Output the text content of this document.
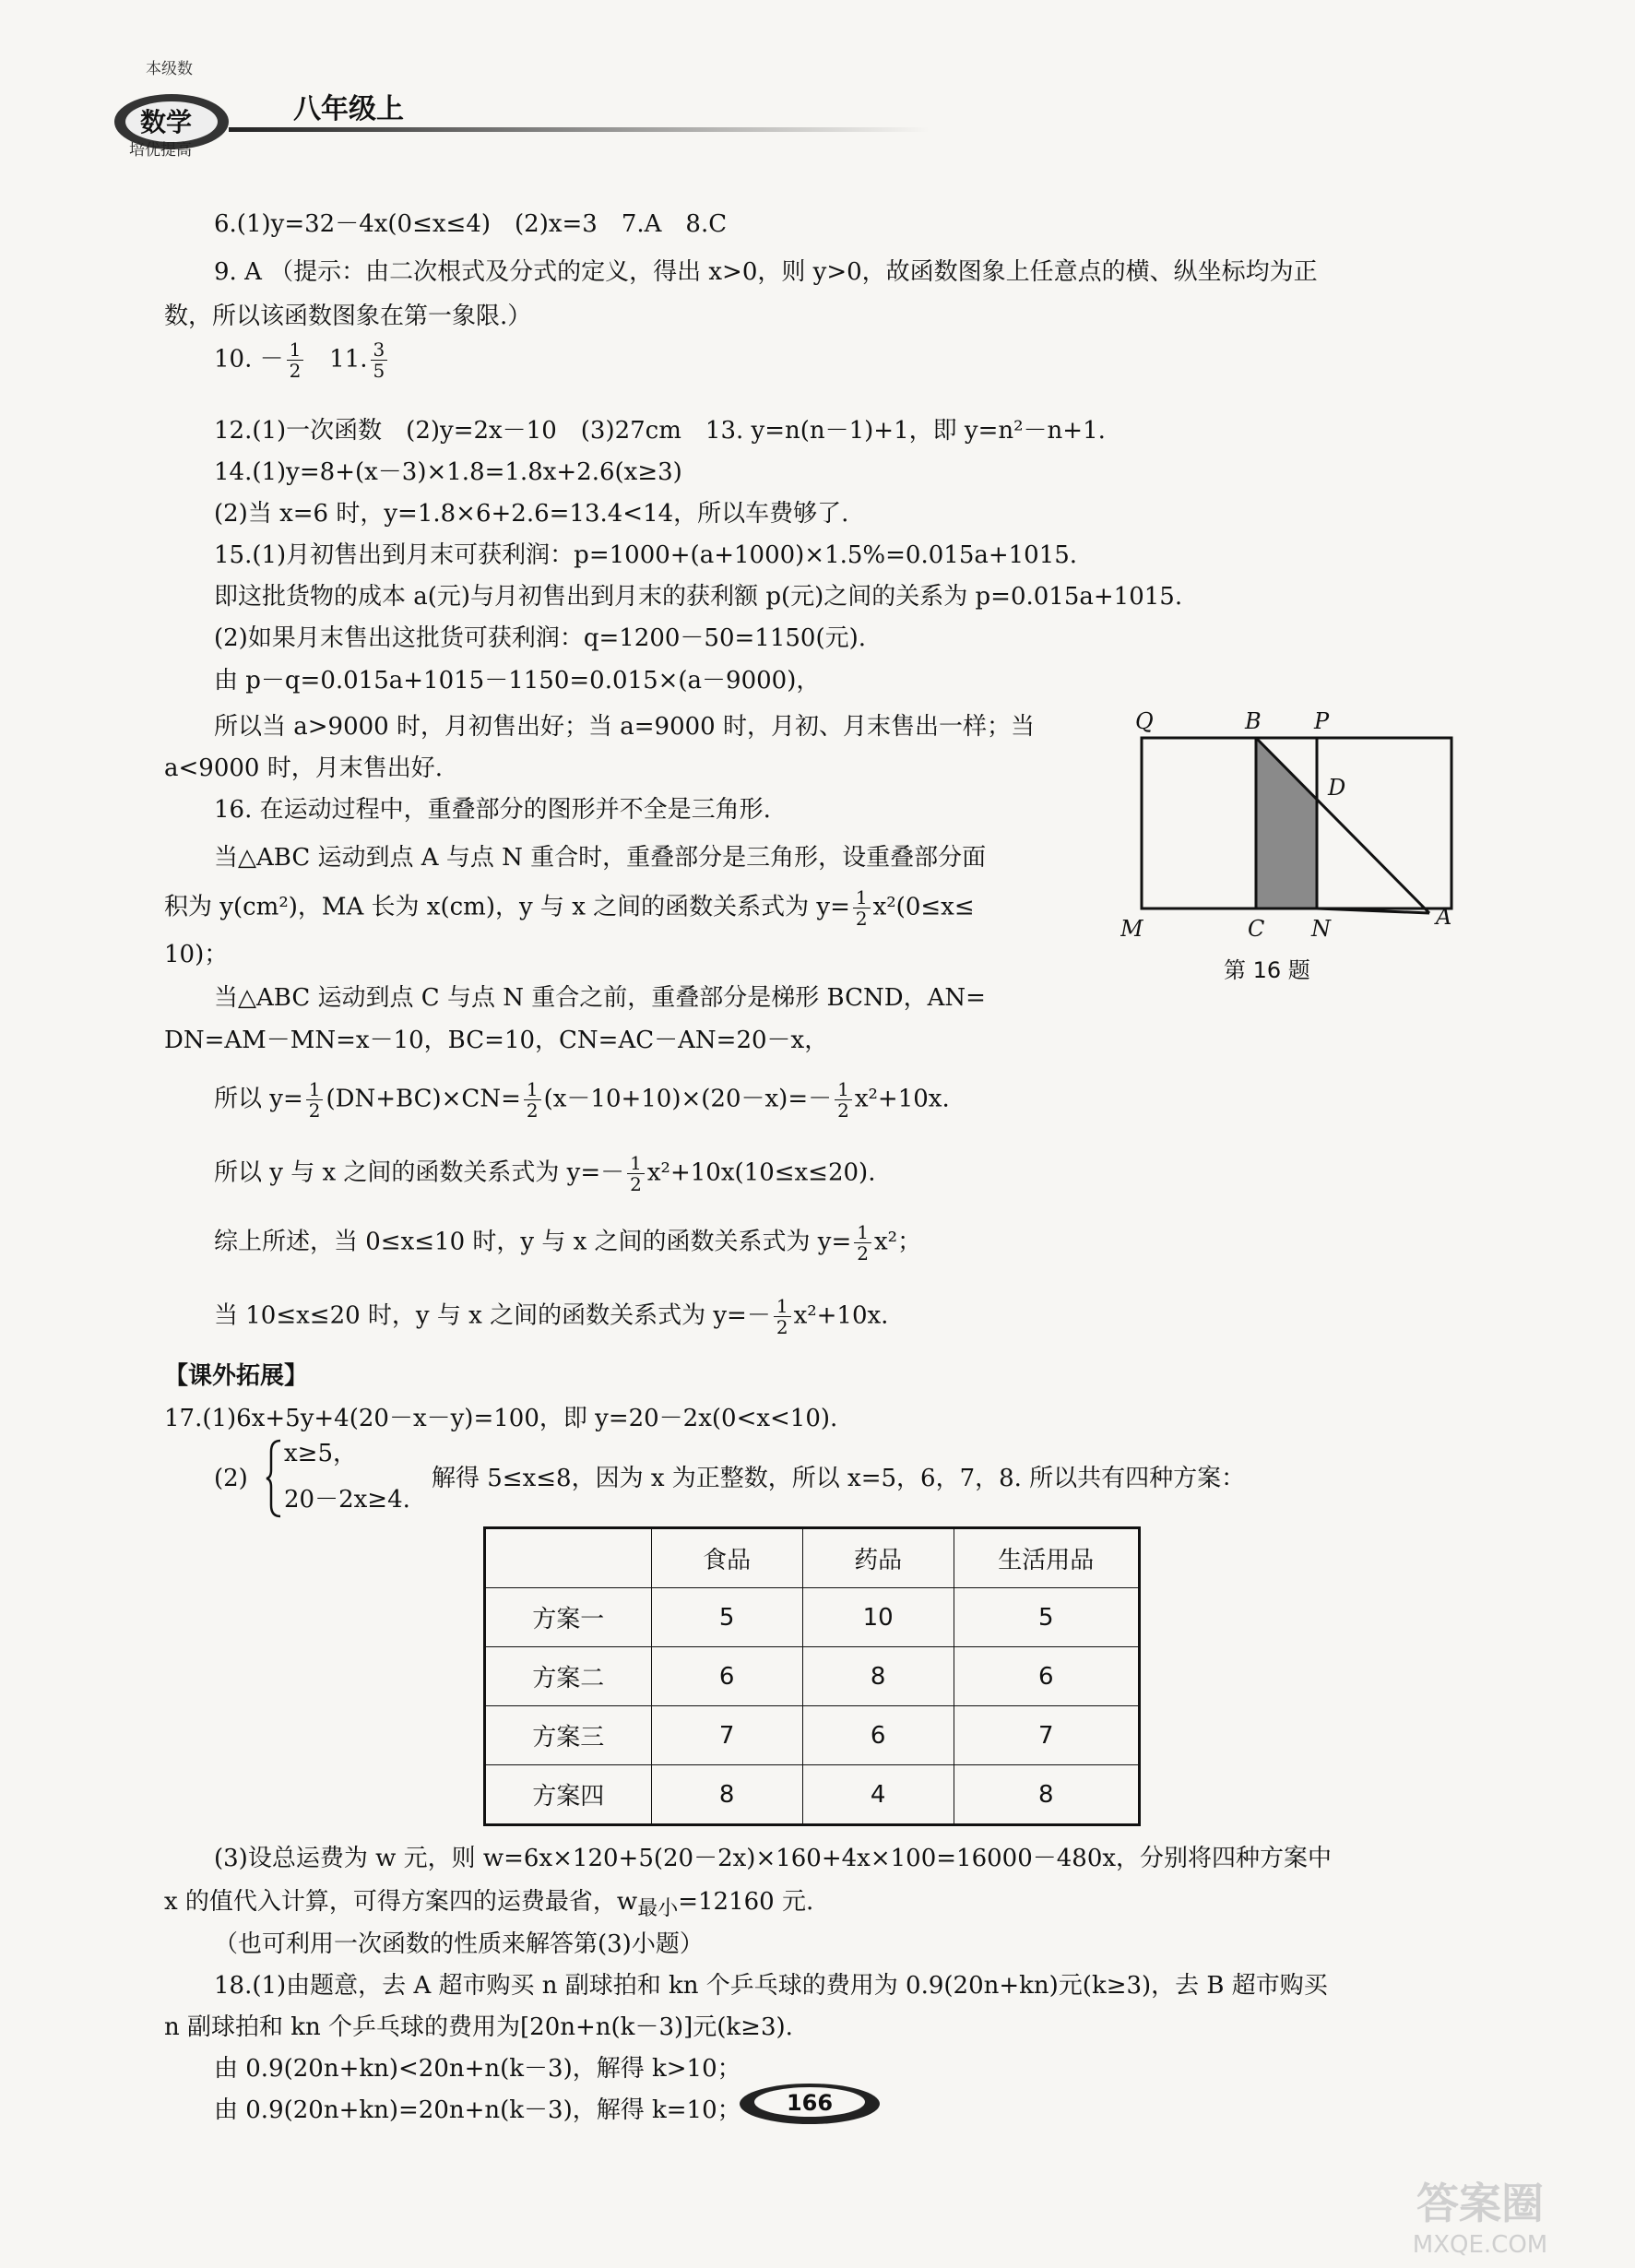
本级数
数学
培优提高
八年级上
6.(1)y=32－4x(0≤x≤4)　(2)x=3　7.A　8.C
9. A （提示：由二次根式及分式的定义，得出 x>0，则 y>0，故函数图象上任意点的横、纵坐标均为正
数，所以该函数图象在第一象限.）
10. － $\frac{1}{2} 11$. $\frac{3}{5}$
12.(1)一次函数　(2)y=2x－10　(3)27cm　13. y=n(n－1)+1，即 y=n²－n+1.
14.(1)y=8+(x－3)×1.8=1.8x+2.6(x≥3)
(2)当 x=6 时，y=1.8×6+2.6=13.4<14，所以车费够了.
15.(1)月初售出到月末可获利润：p=1000+(a+1000)×1.5%=0.015a+1015.
即这批货物的成本 a(元)与月初售出到月末的获利额 p(元)之间的关系为 p=0.015a+1015.
(2)如果月末售出这批货可获利润：q=1200－50=1150(元).
由 p－q=0.015a+1015－1150=0.015×(a－9000)，
所以当 a>9000 时，月初售出好；当 a=9000 时，月初、月末售出一样；当
a<9000 时，月末售出好.
16. 在运动过程中，重叠部分的图形并不全是三角形.
当△ABC 运动到点 A 与点 N 重合时，重叠部分是三角形，设重叠部分面
积为 y(cm²)，MA 长为 x(cm)，y 与 x 之间的函数关系式为 $y= \frac{1}{2} x^2(0\le x\le$
10)；
当△ABC 运动到点 C 与点 N 重合之前，重叠部分是梯形 BCND，AN=
DN=AM－MN=x－10，BC=10，CN=AC－AN=20－x，
所以 $y= \frac{1}{2} (DN+BC)\times CN= \frac{1}{2} (x-10+10)\times(20-x)=- \frac{1}{2} x^2+10x$.
所以 y 与 x 之间的函数关系式为 $y=- \frac{1}{2} x^2+10x(10\le x\le 20)$.
综上所述，当 0≤x≤10 时，y 与 x 之间的函数关系式为 $y= \frac{1}{2} x^2$；
当 10≤x≤20 时，y 与 x 之间的函数关系式为 $y=- \frac{1}{2} x^2+10x$.
【课外拓展】
17.(1)6x+5y+4(20－x－y)=100，即 y=20－2x(0<x<10).
(2)
x≥5，
20－2x≥4.
解得 5≤x≤8，因为 x 为正整数，所以 x=5，6，7，8. 所以共有四种方案：
	食品	药品	生活用品
方案一	5	10	5
方案二	6	8	6
方案三	7	6	7
方案四	8	4	8
(3)设总运费为 w 元，则 w=6x×120+5(20－2x)×160+4x×100=16000－480x，分别将四种方案中
x 的值代入计算，可得方案四的运费最省，$w_{最小}=12160$ 元.
（也可利用一次函数的性质来解答第(3)小题）
18.(1)由题意，去 A 超市购买 n 副球拍和 kn 个乒乓球的费用为 0.9(20n+kn)元(k≥3)，去 B 超市购买
n 副球拍和 kn 个乒乓球的费用为[20n+n(k－3)]元(k≥3).
由 0.9(20n+kn)<20n+n(k－3)，解得 k>10；
由 0.9(20n+kn)=20n+n(k－3)，解得 k=10；
Q	B P
D
M	C N	A
第 16 题
166
答案圈
MXQE.COM
